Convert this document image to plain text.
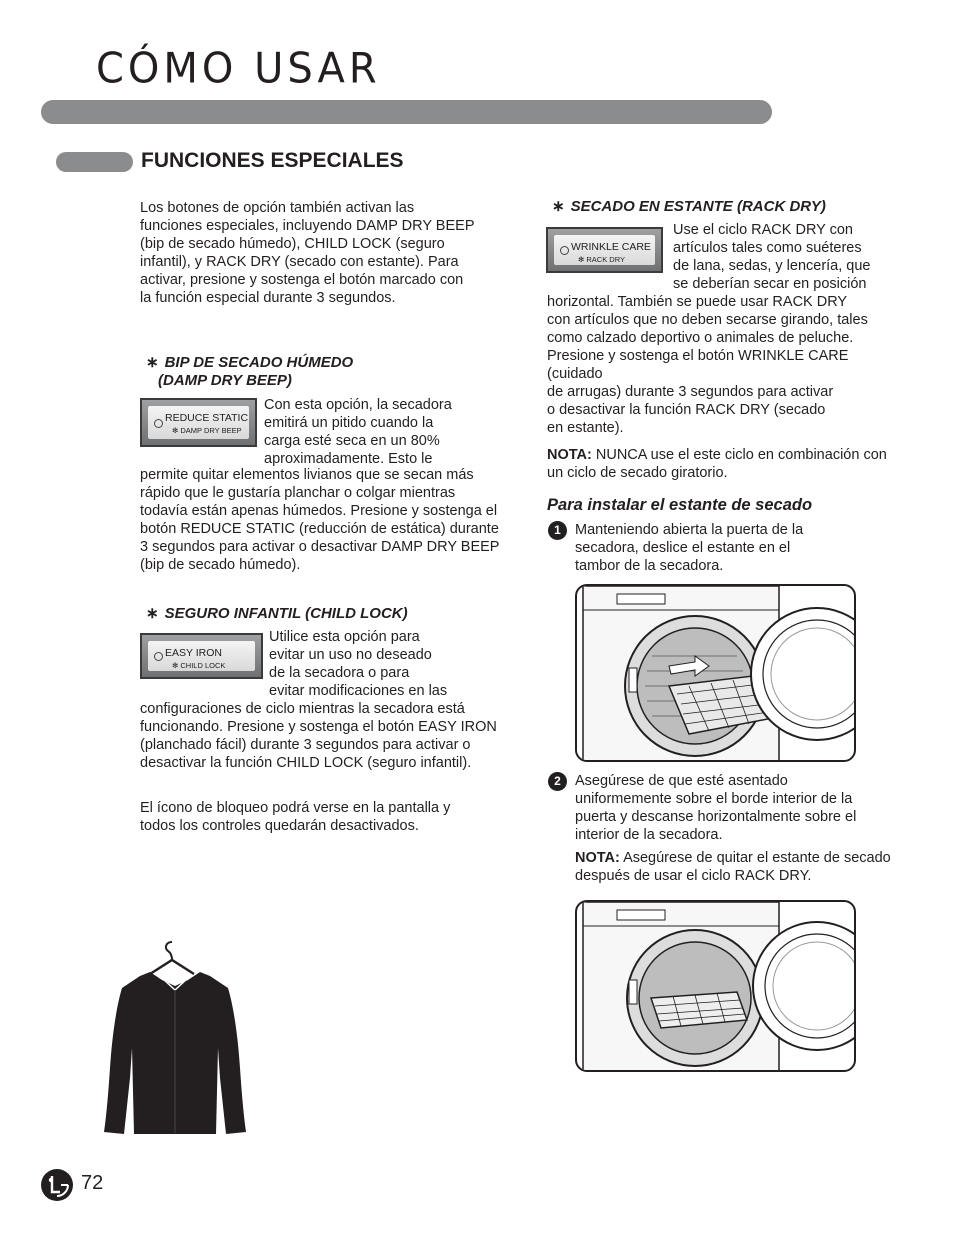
CÓMO USAR
FUNCIONES ESPECIALES

Los botones de opción también activan las funciones especiales, incluyendo DAMP DRY BEEP (bip de secado húmedo), CHILD LOCK (seguro infantil), y RACK DRY (secado con estante). Para activar, presione y sostenga el botón marcado con la función especial durante 3 segundos.

∗ BIP DE SECADO HÚMEDO
(DAMP DRY BEEP)
REDUCE STATIC
✻ DAMP DRY BEEP
Con esta opción, la secadora
emitirá un pitido cuando la
carga esté seca en un 80%
aproximadamente. Esto le

permite quitar elementos livianos que se secan más rápido que le gustaría planchar o colgar mientras todavía están apenas húmedos. Presione y sostenga el botón REDUCE STATIC (reducción de estática) durante 3 segundos para activar o desactivar DAMP DRY BEEP (bip de secado húmedo).

∗ SEGURO INFANTIL (CHILD LOCK)
EASY IRON
✻ CHILD LOCK
Utilice esta opción para
evitar un uso no deseado
de la secadora o para
evitar modificaciones en las

configuraciones de ciclo mientras la secadora está funcionando. Presione y sostenga el botón EASY IRON (planchado fácil) durante 3 segundos para activar o desactivar la función CHILD LOCK (seguro infantil).

El ícono de bloqueo podrá verse en la pantalla y todos los controles quedarán desactivados.

∗ SECADO EN ESTANTE (RACK DRY)
WRINKLE CARE
✻ RACK DRY
Use el ciclo RACK DRY con
artículos tales como suéteres
de lana, sedas, y lencería, que
se deberían secar en posición
horizontal. También se puede usar RACK DRY
con artículos que no deben secarse girando, tales
como calzado deportivo o animales de peluche.
Presione y sostenga el botón WRINKLE CARE
(cuidado
de arrugas) durante 3 segundos para activar
o desactivar la función RACK DRY (secado
en estante).

NOTA: NUNCA use el este ciclo en combinación con un ciclo de secado giratorio.

Para instalar el estante de secado
1 Manteniendo abierta la puerta de la secadora, deslice el estante en el tambor de la secadora.

2 Asegúrese de que esté asentado uniformemente sobre el borde interior de la puerta y descanse horizontalmente sobre el interior de la secadora.

NOTA: Asegúrese de quitar el estante de secado después de usar el ciclo RACK DRY.

72
